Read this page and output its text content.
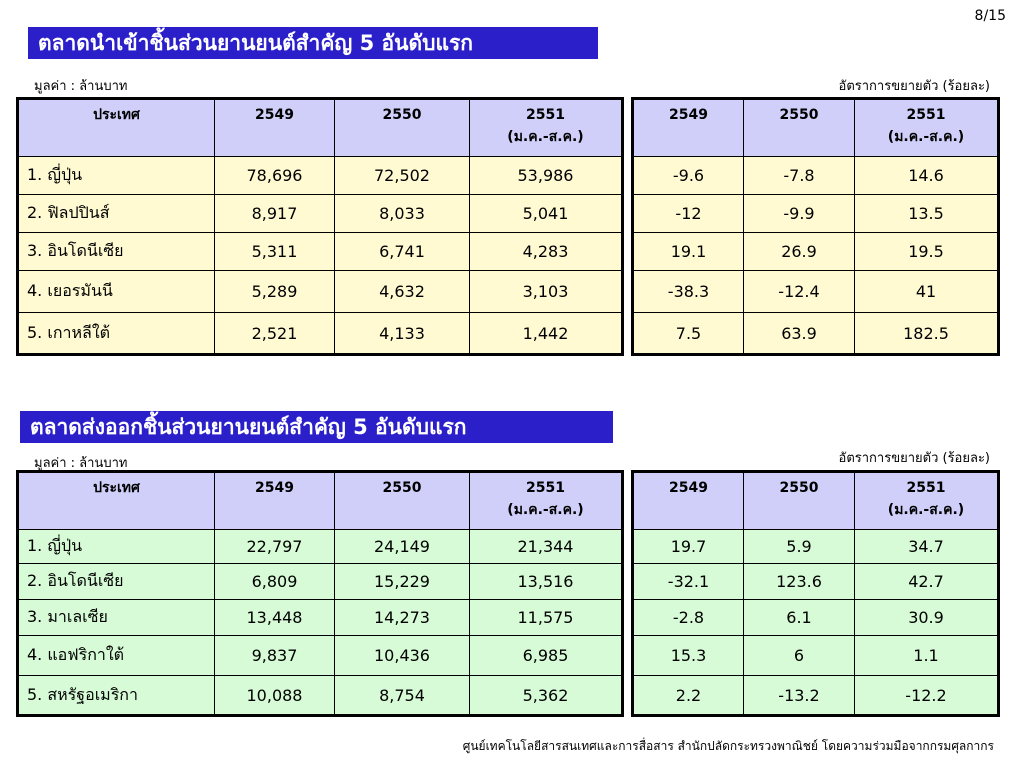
8/15
ตลาดนำเข้าชิ้นส่วนยานยนต์สำคัญ 5 อันดับแรก
มูลค่า : ล้านบาท	อัตราการขยายตัว (ร้อยละ)
ประเทศ	2549	2550	2551
(ม.ค.-ส.ค.)
1. ญี่ปุ่น	78,696	72,502	53,986
2. ฟิลปปินส์	8,917	8,033	5,041
3. อินโดนีเซีย	5,311	6,741	4,283
4. เยอรมันนี	5,289	4,632	3,103
5. เกาหลีใต้	2,521	4,133	1,442
2549	2550	2551
(ม.ค.-ส.ค.)
-9.6	-7.8	14.6
-12	-9.9	13.5
19.1	26.9	19.5
-38.3	-12.4	41
7.5	63.9	182.5
ตลาดส่งออกชิ้นส่วนยานยนต์สำคัญ 5 อันดับแรก
มูลค่า : ล้านบาท	อัตราการขยายตัว (ร้อยละ)
ประเทศ	2549	2550	2551
(ม.ค.-ส.ค.)
1. ญี่ปุ่น	22,797	24,149	21,344
2. อินโดนีเซีย	6,809	15,229	13,516
3. มาเลเซีย	13,448	14,273	11,575
4. แอฟริกาใต้	9,837	10,436	6,985
5. สหรัฐอเมริกา	10,088	8,754	5,362
2549	2550	2551
(ม.ค.-ส.ค.)
19.7	5.9	34.7
-32.1	123.6	42.7
-2.8	6.1	30.9
15.3	6	1.1
2.2	-13.2	-12.2
ศูนย์เทคโนโลยีสารสนเทศและการสื่อสาร สำนักปลัดกระทรวงพาณิชย์ โดยความร่วมมือจากกรมศุลกากร
